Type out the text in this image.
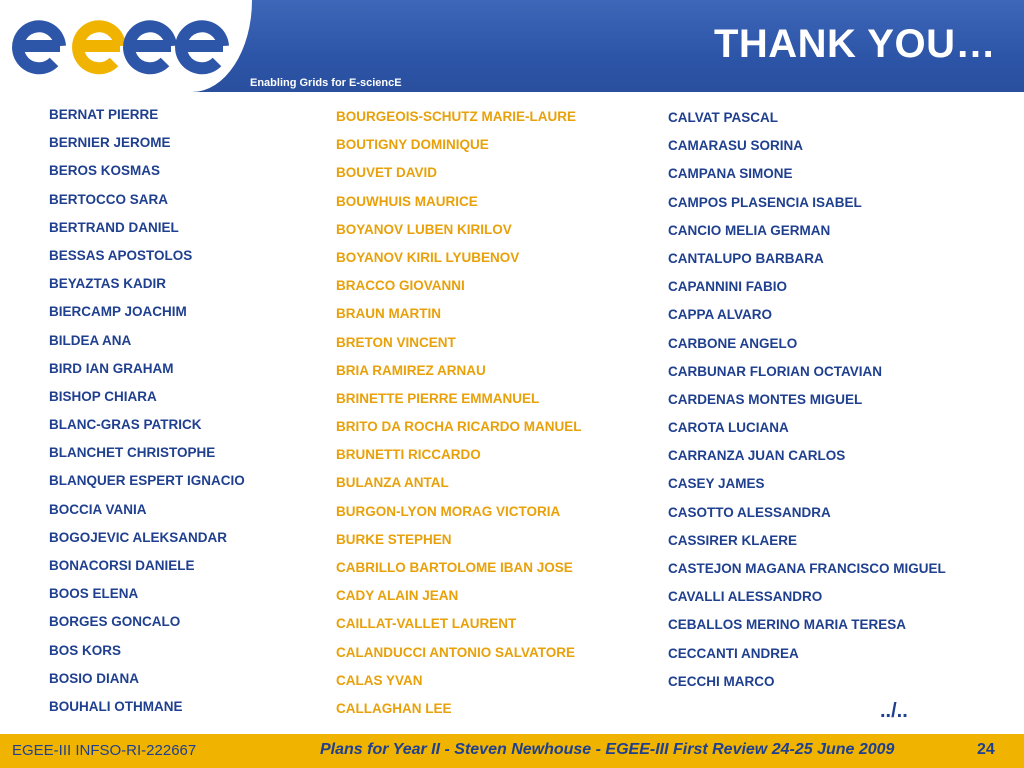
THANK YOU…
Enabling Grids for E-sciencE
BERNAT PIERRE
BERNIER JEROME
BEROS KOSMAS
BERTOCCO SARA
BERTRAND DANIEL
BESSAS APOSTOLOS
BEYAZTAS KADIR
BIERCAMP JOACHIM
BILDEA ANA
BIRD IAN GRAHAM
BISHOP CHIARA
BLANC-GRAS PATRICK
BLANCHET CHRISTOPHE
BLANQUER ESPERT IGNACIO
BOCCIA VANIA
BOGOJEVIC ALEKSANDAR
BONACORSI DANIELE
BOOS ELENA
BORGES GONCALO
BOS KORS
BOSIO DIANA
BOUHALI OTHMANE
BOURGEOIS-SCHUTZ MARIE-LAURE
BOUTIGNY DOMINIQUE
BOUVET DAVID
BOUWHUIS MAURICE
BOYANOV LUBEN KIRILOV
BOYANOV KIRIL LYUBENOV
BRACCO GIOVANNI
BRAUN MARTIN
BRETON VINCENT
BRIA RAMIREZ ARNAU
BRINETTE PIERRE EMMANUEL
BRITO DA ROCHA RICARDO MANUEL
BRUNETTI RICCARDO
BULANZA ANTAL
BURGON-LYON MORAG VICTORIA
BURKE STEPHEN
CABRILLO BARTOLOME IBAN JOSE
CADY ALAIN JEAN
CAILLAT-VALLET LAURENT
CALANDUCCI ANTONIO SALVATORE
CALAS YVAN
CALLAGHAN LEE
CALVAT PASCAL
CAMARASU SORINA
CAMPANA SIMONE
CAMPOS PLASENCIA ISABEL
CANCIO MELIA GERMAN
CANTALUPO BARBARA
CAPANNINI FABIO
CAPPA ALVARO
CARBONE ANGELO
CARBUNAR FLORIAN OCTAVIAN
CARDENAS MONTES MIGUEL
CAROTA LUCIANA
CARRANZA JUAN CARLOS
CASEY JAMES
CASOTTO ALESSANDRA
CASSIRER KLAERE
CASTEJON MAGANA FRANCISCO MIGUEL
CAVALLI ALESSANDRO
CEBALLOS MERINO MARIA TERESA
CECCANTI ANDREA
CECCHI MARCO
../..
EGEE-III INFSO-RI-222667	Plans for Year II - Steven Newhouse - EGEE-III First Review 24-25 June 2009	24
